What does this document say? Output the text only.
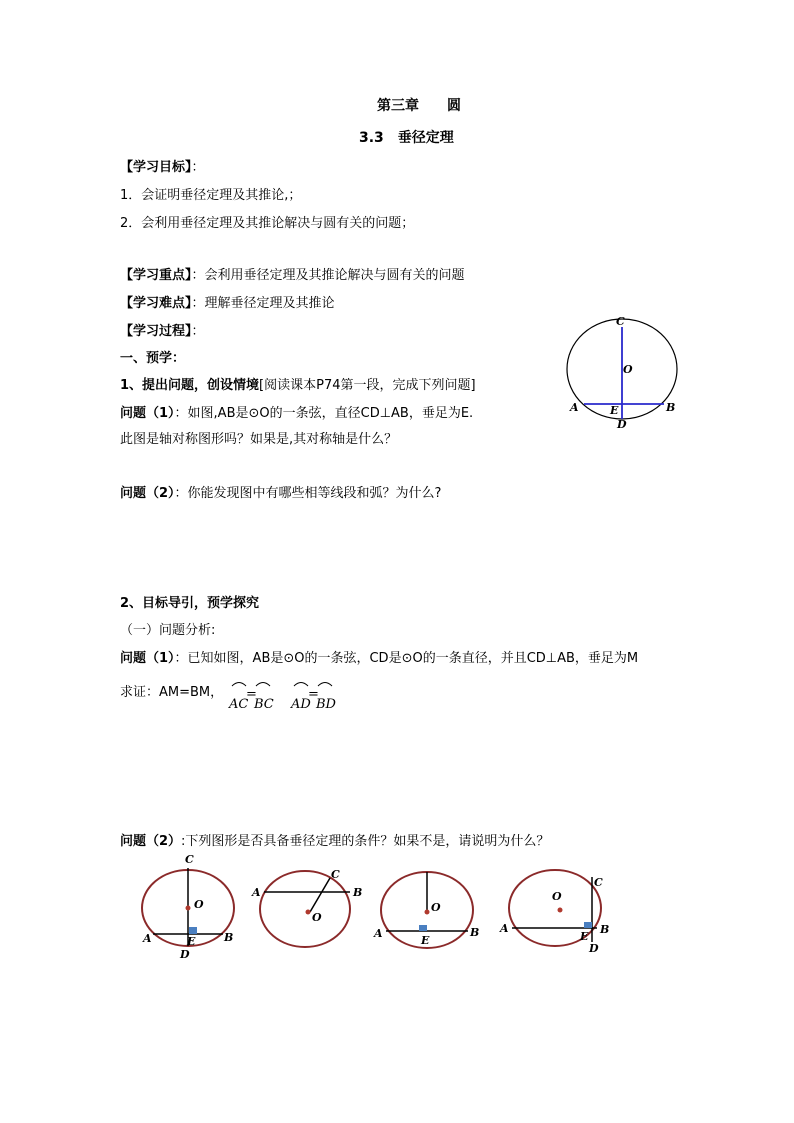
第三章　　圆
3.3　垂径定理
【学习目标】：
1．会证明垂径定理及其推论,；
2．会利用垂径定理及其推论解决与圆有关的问题；
【学习重点】：会利用垂径定理及其推论解决与圆有关的问题
【学习难点】：理解垂径定理及其推论
【学习过程】：
一、预学：
1、提出问题，创设情境[阅读课本P74第一段，完成下列问题]
问题（1）：如图,AB是⊙O的一条弦，直径CD⊥AB，垂足为E.
此图是轴对称图形吗？如果是,其对称轴是什么？
问题（2）：你能发现图中有哪些相等线段和弧？为什么?
C
O
A	E	B
D
2、目标导引，预学探究
（一）问题分析:
问题（1）：已知如图，AB是⊙O的一条弦，CD是⊙O的一条直径，并且CD⊥AB，垂足为M
求证：AM=BM，
AC
=
BC AD
=
BD
问题（2）:下列图形是否具备垂径定理的条件？如果不是，请说明为什么？
C
O
A	E	B
D
A
C
B
O
O
A
E
B
C
O
A
E
B
D
